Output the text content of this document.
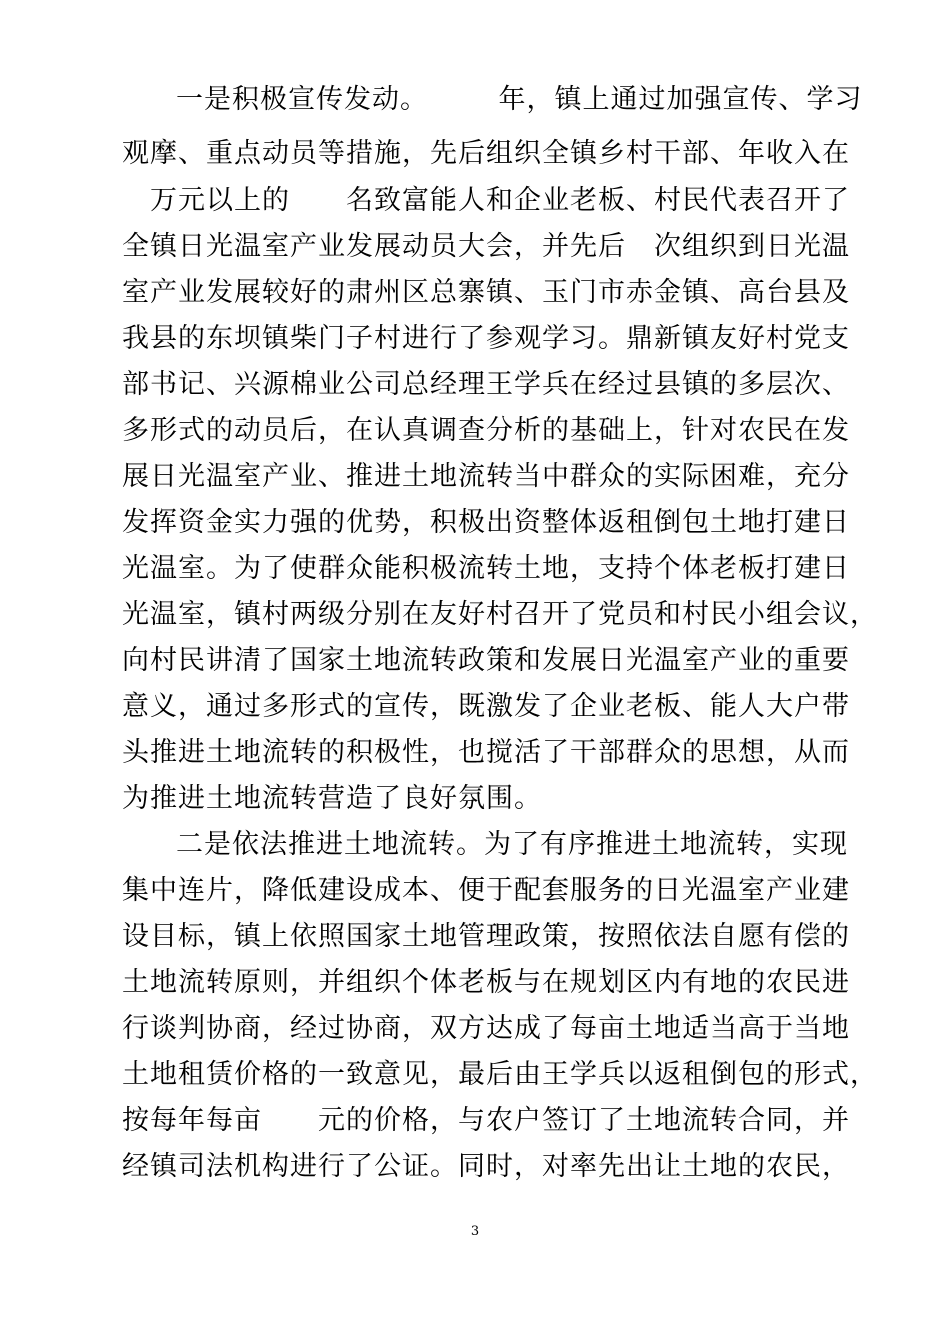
一是积极宣传发动。　　　年，镇上通过加强宣传、学习
观摩、重点动员等措施，先后组织全镇乡村干部、年收入在
　万元以上的　　名致富能人和企业老板、村民代表召开了
全镇日光温室产业发展动员大会，并先后　次组织到日光温
室产业发展较好的肃州区总寨镇、玉门市赤金镇、高台县及
我县的东坝镇柴门子村进行了参观学习。鼎新镇友好村党支
部书记、兴源棉业公司总经理王学兵在经过县镇的多层次、
多形式的动员后，在认真调查分析的基础上，针对农民在发
展日光温室产业、推进土地流转当中群众的实际困难，充分
发挥资金实力强的优势，积极出资整体返租倒包土地打建日
光温室。为了使群众能积极流转土地，支持个体老板打建日
光温室，镇村两级分别在友好村召开了党员和村民小组会议，
向村民讲清了国家土地流转政策和发展日光温室产业的重要
意义，通过多形式的宣传，既激发了企业老板、能人大户带
头推进土地流转的积极性，也搅活了干部群众的思想，从而
为推进土地流转营造了良好氛围。
二是依法推进土地流转。为了有序推进土地流转，实现
集中连片，降低建设成本、便于配套服务的日光温室产业建
设目标，镇上依照国家土地管理政策，按照依法自愿有偿的
土地流转原则，并组织个体老板与在规划区内有地的农民进
行谈判协商，经过协商，双方达成了每亩土地适当高于当地
土地租赁价格的一致意见，最后由王学兵以返租倒包的形式，
按每年每亩　　元的价格，与农户签订了土地流转合同，并
经镇司法机构进行了公证。同时，对率先出让土地的农民，
3
